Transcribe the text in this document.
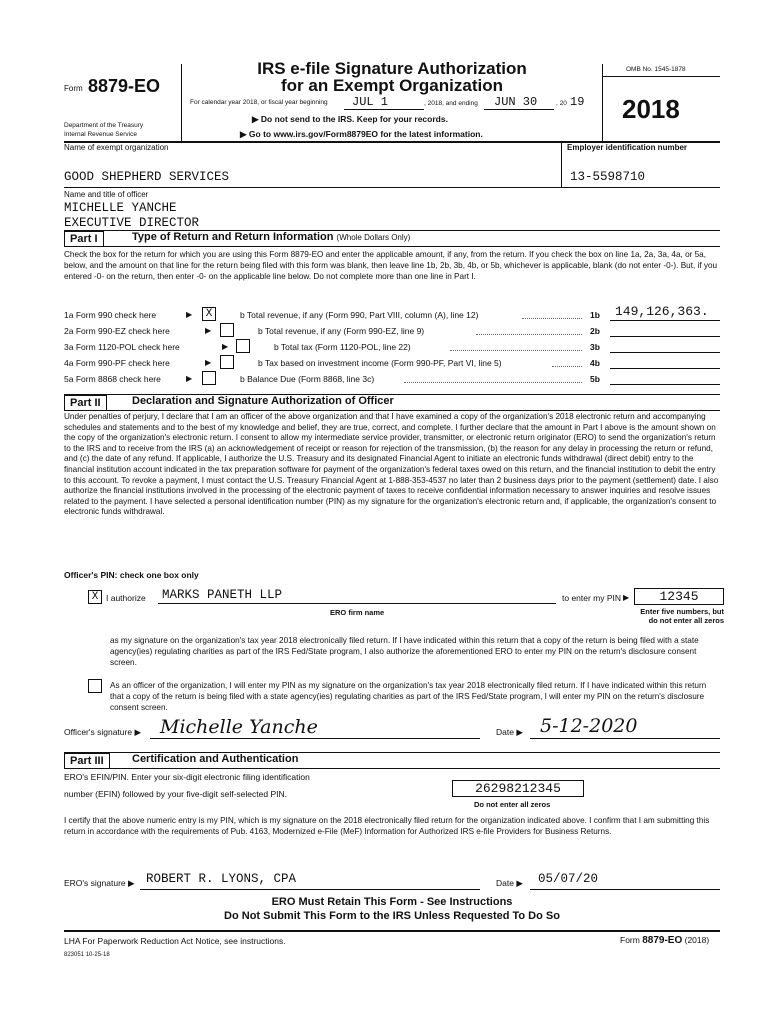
Form 8879-EO
Department of the Treasury
Internal Revenue Service
IRS e-file Signature Authorization
for an Exempt Organization
For calendar year 2018, or fiscal year beginning JUL 1	, 2018, and ending JUN 30	, 20 19
▶ Do not send to the IRS. Keep for your records.
▶ Go to www.irs.gov/Form8879EO for the latest information.
OMB No. 1545-1878
2018
Name of exempt organization
GOOD SHEPHERD SERVICES
Employer identification number
13-5598710
Name and title of officer
MICHELLE YANCHE
EXECUTIVE DIRECTOR
Part I	Type of Return and Return Information (Whole Dollars Only)
Check the box for the return for which you are using this Form 8879-EO and enter the applicable amount, if any, from the return. If you check the box on line 1a, 2a, 3a, 4a, or 5a, below, and the amount on that line for the return being filed with this form was blank, then leave line 1b, 2b, 3b, 4b, or 5b, whichever is applicable, blank (do not enter -0-). But, if you entered -0- on the return, then enter -0- on the applicable line below. Do not complete more than one line in Part I.
1a Form 990 check here	▶	X	b Total revenue, if any (Form 990, Part VIII, column (A), line 12)	1b 149,126,363.
2a Form 990-EZ check here	▶	b Total revenue, if any (Form 990-EZ, line 9)	2b
3a Form 1120-POL check here	▶	b Total tax (Form 1120-POL, line 22)	3b
4a Form 990-PF check here	▶	b Tax based on investment income (Form 990-PF, Part VI, line 5)	4b
5a Form 8868 check here	▶	b Balance Due (Form 8868, line 3c)	5b
Part II	Declaration and Signature Authorization of Officer
Under penalties of perjury, I declare that I am an officer of the above organization and that I have examined a copy of the organization's 2018 electronic return and accompanying schedules and statements and to the best of my knowledge and belief, they are true, correct, and complete. I further declare that the amount in Part I above is the amount shown on the copy of the organization's electronic return. I consent to allow my intermediate service provider, transmitter, or electronic return originator (ERO) to send the organization's return to the IRS and to receive from the IRS (a) an acknowledgement of receipt or reason for rejection of the transmission, (b) the reason for any delay in processing the return or refund, and (c) the date of any refund. If applicable, I authorize the U.S. Treasury and its designated Financial Agent to initiate an electronic funds withdrawal (direct debit) entry to the financial institution account indicated in the tax preparation software for payment of the organization's federal taxes owed on this return, and the financial institution to debit the entry to this account. To revoke a payment, I must contact the U.S. Treasury Financial Agent at 1-888-353-4537 no later than 2 business days prior to the payment (settlement) date. I also authorize the financial institutions involved in the processing of the electronic payment of taxes to receive confidential information necessary to answer inquiries and resolve issues related to the payment. I have selected a personal identification number (PIN) as my signature for the organization's electronic return and, if applicable, the organization's consent to electronic funds withdrawal.
Officer's PIN: check one box only
X I authorize MARKS PANETH LLP	to enter my PIN ▶	12345
ERO firm name	Enter five numbers, but
do not enter all zeros
as my signature on the organization's tax year 2018 electronically filed return. If I have indicated within this return that a copy of the return is being filed with a state agency(ies) regulating charities as part of the IRS Fed/State program, I also authorize the aforementioned ERO to enter my PIN on the return's disclosure consent screen.
As an officer of the organization, I will enter my PIN as my signature on the organization's tax year 2018 electronically filed return. If I have indicated within this return that a copy of the return is being filed with a state agency(ies) regulating charities as part of the IRS Fed/State program, I will enter my PIN on the return's disclosure consent screen.
Officer's signature ▶ Michelle Yanche	Date ▶ 5-12-2020
Part III	Certification and Authentication
ERO's EFIN/PIN. Enter your six-digit electronic filing identification
number (EFIN) followed by your five-digit self-selected PIN.	26298212345
Do not enter all zeros
I certify that the above numeric entry is my PIN, which is my signature on the 2018 electronically filed return for the organization indicated above. I confirm that I am submitting this return in accordance with the requirements of Pub. 4163, Modernized e-File (MeF) Information for Authorized IRS e-file Providers for Business Returns.
ERO's signature ▶ ROBERT R. LYONS, CPA	Date ▶ 05/07/20
ERO Must Retain This Form - See Instructions
Do Not Submit This Form to the IRS Unless Requested To Do So
LHA For Paperwork Reduction Act Notice, see instructions.
823051 10-25-18
Form 8879-EO (2018)
